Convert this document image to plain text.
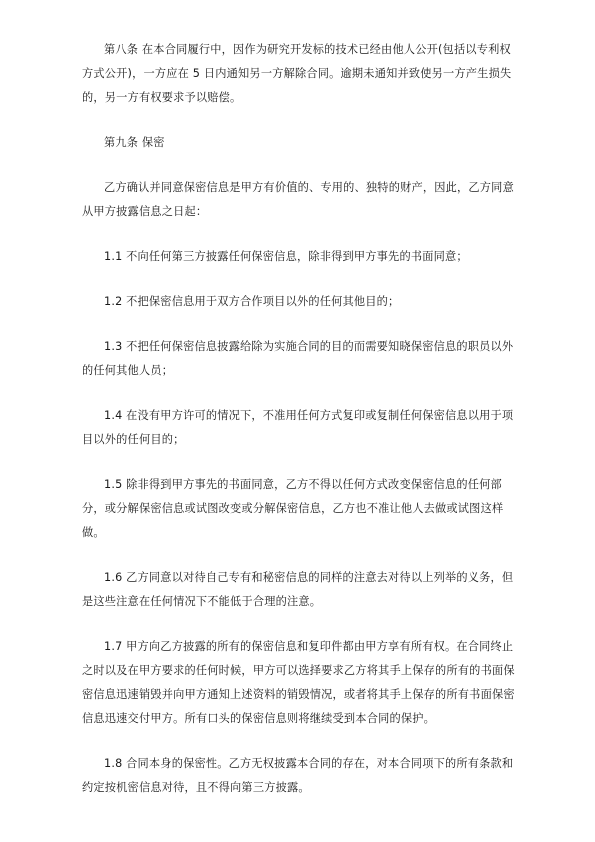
第八条 在本合同履行中，因作为研究开发标的技术已经由他人公开(包括以专利权方式公开)，一方应在 5 日内通知另一方解除合同。逾期未通知并致使另一方产生损失的，另一方有权要求予以赔偿。

第九条 保密

乙方确认并同意保密信息是甲方有价值的、专用的、独特的财产，因此，乙方同意从甲方披露信息之日起：

1.1 不向任何第三方披露任何保密信息，除非得到甲方事先的书面同意；

1.2 不把保密信息用于双方合作项目以外的任何其他目的；

1.3 不把任何保密信息披露给除为实施合同的目的而需要知晓保密信息的职员以外的任何其他人员；

1.4 在没有甲方许可的情况下，不准用任何方式复印或复制任何保密信息以用于项目以外的任何目的；

1.5 除非得到甲方事先的书面同意，乙方不得以任何方式改变保密信息的任何部分，或分解保密信息或试图改变或分解保密信息，乙方也不准让他人去做或试图这样做。

1.6 乙方同意以对待自己专有和秘密信息的同样的注意去对待以上列举的义务，但是这些注意在任何情况下不能低于合理的注意。

1.7 甲方向乙方披露的所有的保密信息和复印件都由甲方享有所有权。在合同终止之时以及在甲方要求的任何时候，甲方可以选择要求乙方将其手上保存的所有的书面保密信息迅速销毁并向甲方通知上述资料的销毁情况，或者将其手上保存的所有书面保密信息迅速交付甲方。所有口头的保密信息则将继续受到本合同的保护。

1.8 合同本身的保密性。乙方无权披露本合同的存在，对本合同项下的所有条款和约定按机密信息对待，且不得向第三方披露。
